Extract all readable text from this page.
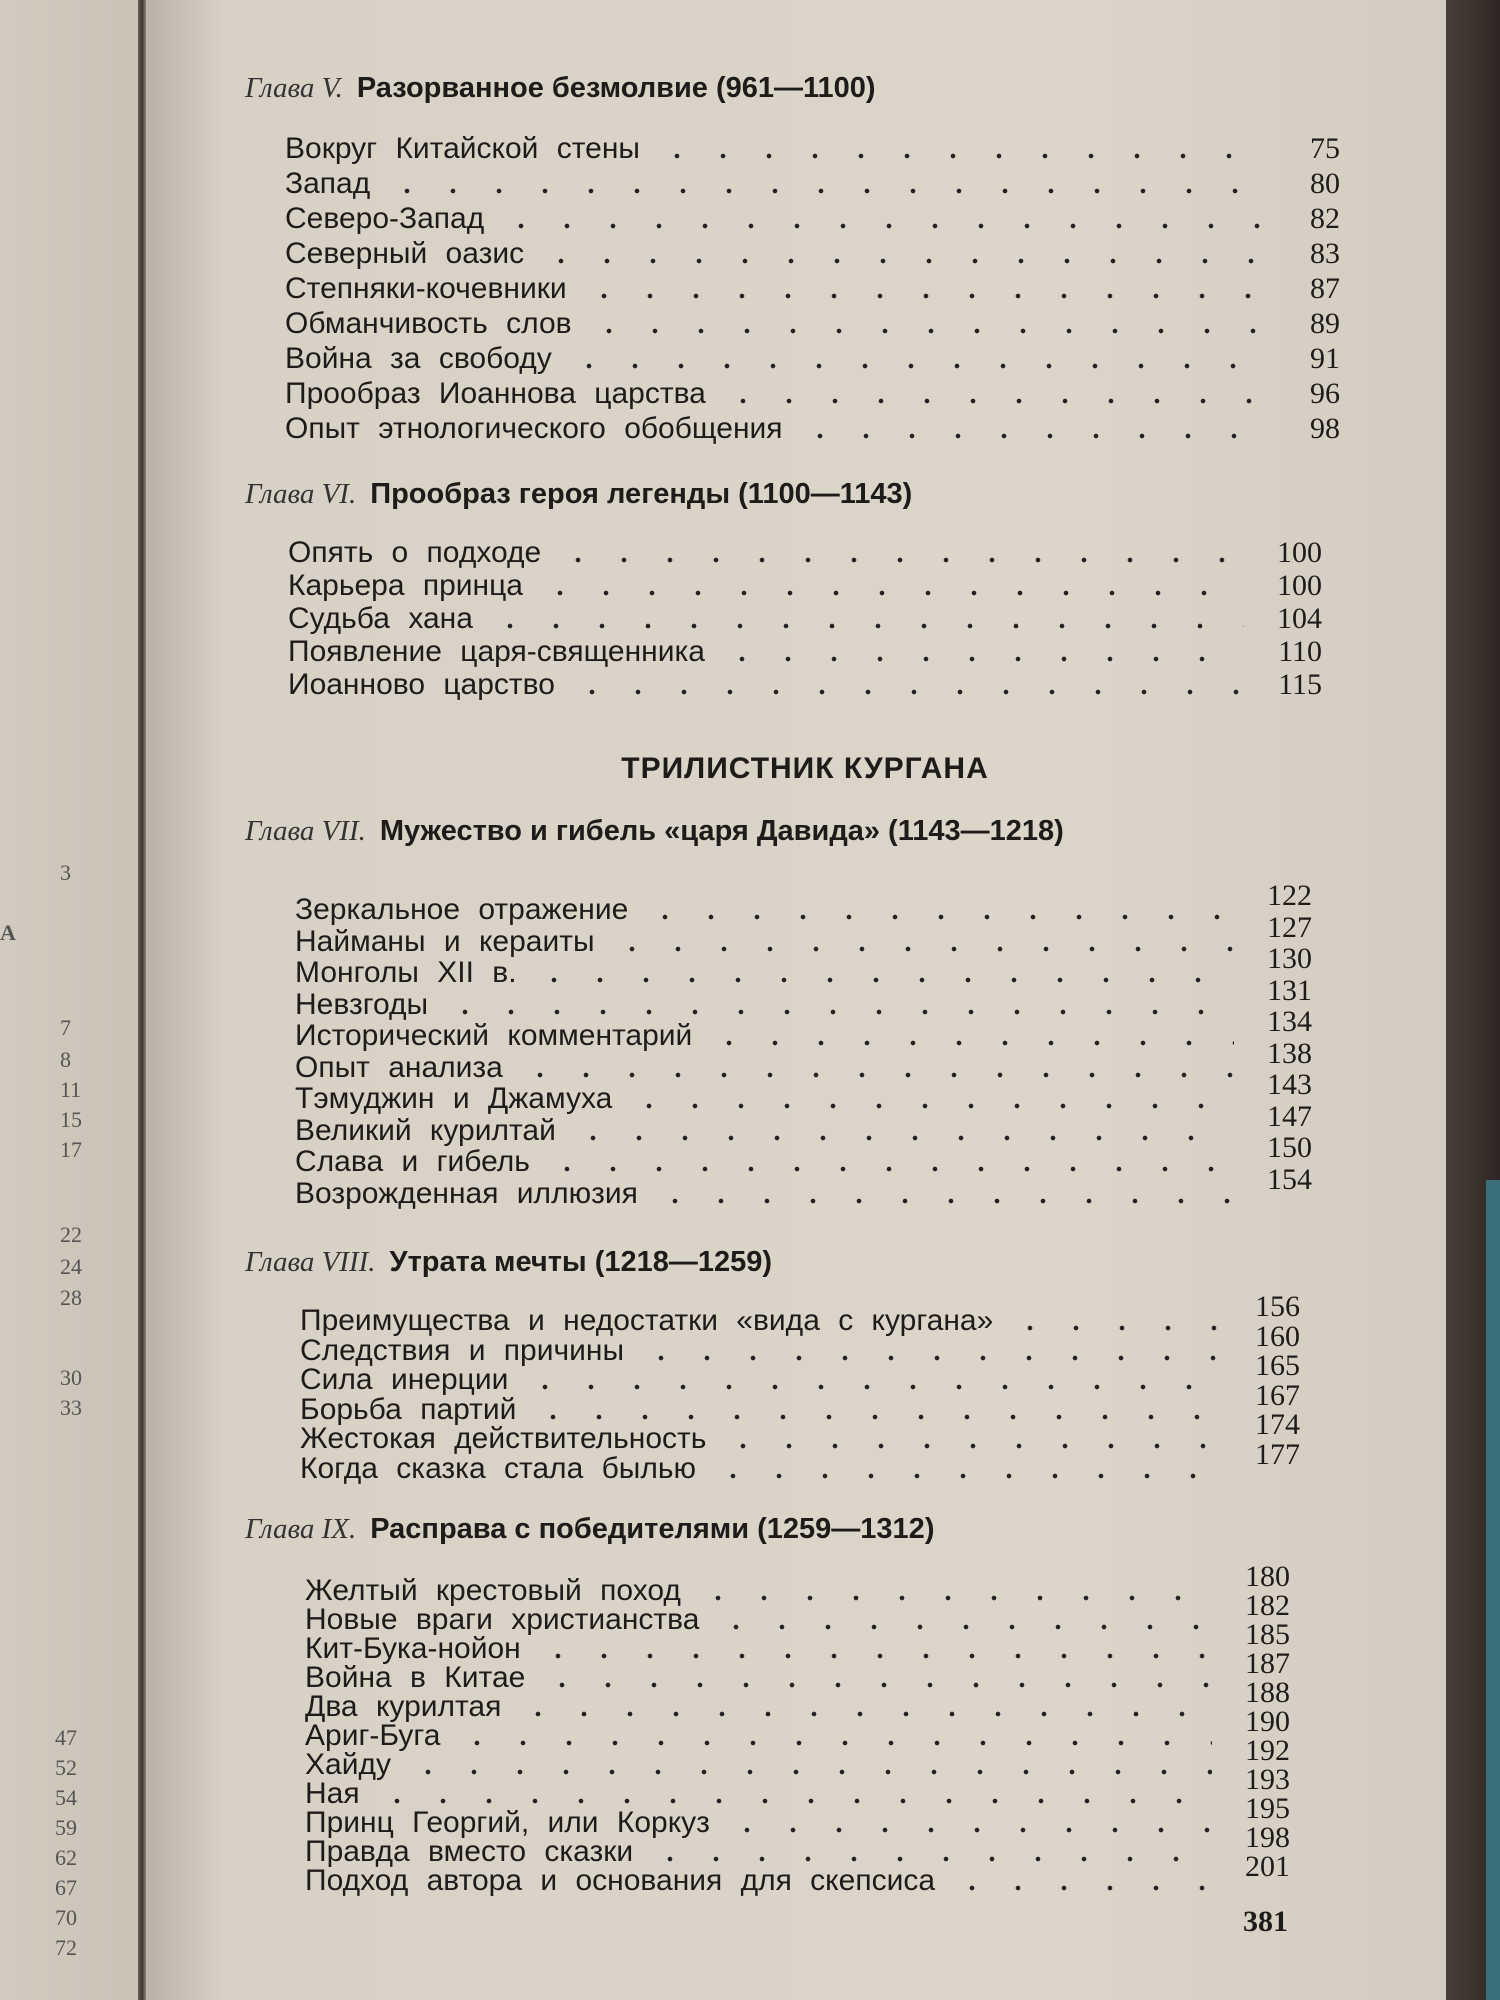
Глава V. Разорванное безмолвие (961—1100)
Вокруг Китайской стены	75
Запад	80
Северо-Запад	82
Северный оазис	83
Степняки-кочевники	87
Обманчивость слов	89
Война за свободу	91
Прообраз Иоаннова царства	96
Опыт этнологического обобщения	98
Глава VI. Прообраз героя легенды (1100—1143)
Опять о подходе	100
Карьера принца	100
Судьба хана	104
Появление царя-священника	110
Иоанново царство	115
Глава VII. Мужество и гибель «царя Давида» (1143—1218)
Зеркальное отражение	122
Найманы и кераиты	127
Монголы XII в.	130
Невзгоды	131
Исторический комментарий	134
Опыт анализа	138
Тэмуджин и Джамуха	143
Великий курилтай	147
Слава и гибель	150
Возрожденная иллюзия	154
Глава VIII. Утрата мечты (1218—1259)
Преимущества и недостатки «вида с кургана»	156
Следствия и причины	160
Сила инерции	165
Борьба партий	167
Жестокая действительность	174
Когда сказка стала былью	177
Глава IX. Расправа с победителями (1259—1312)
Желтый крестовый поход	180
Новые враги христианства	182
Кит-Бука-нойон	185
Война в Китае	187
Два курилтая	188
Ариг-Буга	190
Хайду	192
Ная	193
Принц Георгий, или Коркуз	195
Правда вместо сказки	198
Подход автора и основания для скепсиса	201
ТРИЛИСТНИК КУРГАНА
381
3
7
8
11
15
17
22
24
28
30
33
47
52
54
59
62
67
70
72
А
